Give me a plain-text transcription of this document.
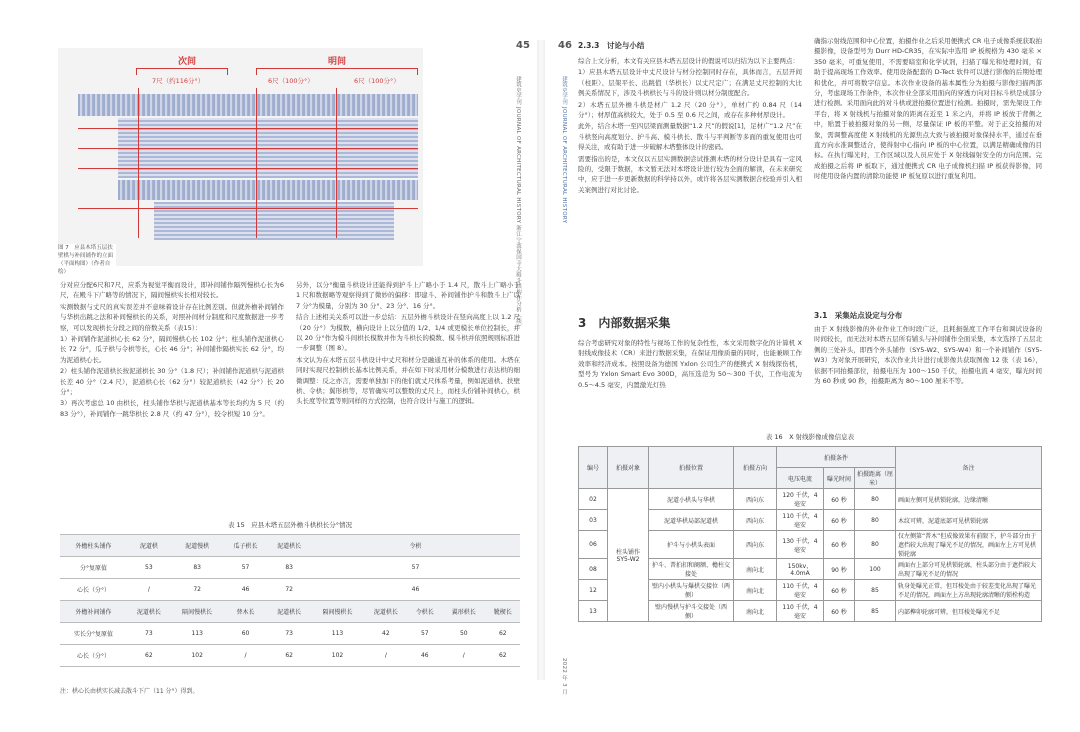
45
建筑史学刊 JOURNAL OF ARCHITECTURAL HISTORY 浙江宁波保国寺大殿斗栱构件分析（续）
次间	明间
7尺（约116分°）	6尺（100分°）	6尺（100分°）
图 7　应县木塔五层扶壁栱与补间铺作的立面（平面构图）（作者自绘）

分对应分配6尺和7尺，应系为视觉平衡而设计，即补间铺作隔列慢栱心长为6尺，在殿斗下广略等的情况下，隔间慢栱实长相对较长。

实测数据与丈尺的真实误差并不意味着设计存在比例差别。但就外檐补间铺作与华栱出跳之法和补间慢栱长的关系，对照补间材分制度和尺度数据进一步考察，可以发现栱长分段之间的倍数关系（表15）：

1）补间铺作泥道栱心长 62 分°，隔间慢栱心长 102 分°；柱头铺作泥道栱心长 72 分°，瓜子栱与令栱等长，心长 46 分°；补间铺作隔栱实长 62 分°，均为泥道栱心长。

2）柱头铺作泥道栱长按泥道栱长 30 分°（1.8 尺）；补间铺作泥道栱与泥道栱长差 40 分°（2.4 尺），泥道栱心长（62 分°）较泥道栱长（42 分°）长 20 分°；

3）再次考虑总 10 由栱长，柱头铺作华栱与泥道栱基本等长均约为 5 尺（约 83 分°），补间铺作一跳华栱长 2.8 尺（约 47 分°），较令栱短 10 分°。

另外，以分°衡量斗栱设计还能得到护斗上广略小于 1.4 尺，散斗上广略小于 1 尺和数据略等观察得到了微妙的偏移：即建斗、补间铺作护斗和散斗上广以 7 分°为模量，分别为 30 分°、23 分°、16 分°。

结合上述相关关系可以进一步总结：五层外檐斗栱设计在竖向高度上以 1.2 尺（20 分°）为模数，横向设计上以分值的 1/2、1/4 或更模长单位控制长，并以 20 分°作为模斗间栱长模数并作为斗栱长的模数、模斗栱并依照规则标准进一步调整（图 8）。

本文认为在木塔五层斗栱设计中丈尺和材分是融通互补的体系的使用。木塔在同时实现尺控制栱长基本比例关系，并在如下时采用材分模数进行表达栱的细微调整：反之亦言，需要单独加下的他们就丈尺体系考量，例如泥道栱、扶壁栱、令栱；翼形栱等，尽管确实可以整数的丈尺上，而柱头份铺补间栱心，栱头长度等位置等则同样的方式控制，也符合设计与施工的逻辑。

表 15　应县木塔五层外檐斗栱栱长分°情况
外檐柱头铺作	泥道栱	泥道慢栱	瓜子栱长	泥道栱长	令栱				
分°复原值	53	83	57	83	57				
心长（分°）	/	72	46	72	46				
外檐补间铺作	泥道栱长	隔间慢栱长	替木长	泥道栱长	隔间慢栱长	泥道栱长	令栱长	翼形栱长	靴楔长
实长分°复原值	73	113	60	73	113	42	57	50	62
心长（分°）	62	102	/	62	102	/	46	/	62
注：栱心长由栱实长减去散斗下广（11 分°）得到。
46
建筑史学刊 JOURNAL OF ARCHITECTURAL HISTORY
2022 年 3 月
2.3.3　讨论与小结

综合上文分析，本文有关应县木塔五层设计的假说可以归结为以下主要两点：

1）应县木塔五层设计中丈尺设计与材分控制同时存在，具体而言，五层开间（柱距）、层架平长、出跳值（华栱长）以丈尺定广；在满足丈尺控制的大比例关系情况下，涉及斗栱栱长与斗的设计则以材分制度配合。

2）木塔五层外檐斗栱是材广 1.2 尺（20 分°），单材广约 0.84 尺（14 分°）；材厚值高栱较大，处于 0.5 至 0.6 尺之间，或存在多种材厚设计。

此外，结合木塔一至四层梁面测量数据“1.2 尺”的假说[1]，足材广“1.2 尺”在斗栱竖向高度划分、护斗高、模斗栱长、散斗与平判断等多面的重复使用也可得关注，或有助于进一步破解木塔整体设计的密码。

需要指出的是，本文仅以五层实测数据尝试推测木塔的材分设计是具有一定风险的，受限于数据，本文暂无法对本塔设计进行较为全面的解读，在未来研究中，应于进一步更新数据的科学持以外，或许将各层实测数据合校验并引入相关案例进行对比讨论。

3　内部数据采集

综合考虑研究对象的特性与视场工作的复杂性性，本文采用数字化的计算机 X 射线成像技术（CR）来进行数据采集，在保证用像质量的同时，也能兼顾工作效率和经济成本。按照设备为德国 Yxlon 公司生产的便携式 X 射线探伤机，型号为 Yxlon Smart Evo 300D，高压选范为 50～300 千伏，工作电流为 0.5～4.5 毫安，内置激光灯热

确指示射线范围和中心位置，拍摄作业之后采用便携式 CR 电子成像系统获取拍摄影像，设备型号为 Durr HD-CR35，在实际中选用 IP 板规格为 430 毫米 × 350 毫米，可重复使用，不需要暗室和化学试剂，扫描了曝光和处理时间，有助于提高现场工作效率。使用设备配套的 D-Tect 软件可以进行影像的后期处理和优化，并可将数字信息。本次作业设备的基本属性分为拍摄与影像扫描两部分，考虑现场工作条件，本次作业全部采用面向的穿透方向对目标斗栱是成部分进行检测。采用面向此的对斗栱或进拍摄位置进行检测。拍摄时，需先架设工作平台，将 X 射线机与拍摄对象的距离在近至 1 米之内，并将 IP 板放于背侧之中，贴置于被拍摄对象的另一侧，尽量保证 IP 板的平整。对于正交拍摄的对象，需调整高度使 X 射线机的光源焦点大致与被拍摄对象保持水平，通过在垂直方向水准调整适合，使得射中心指向 IP 板的中心位置，以满足精确成像的目标。在执行曝光时，工作区域以及人员应处于 X 射线辐射安全的方向范围。完成拍摄之后将 IP 板取下，通过便携式 CR 电子成像机扫描 IP 板获得影像，同时使用设备内置的清除功能使 IP 板复原以进行重复利用。

3.1　采集站点设定与分布

由于 X 射线影像的外业作业工作时段广泛，且耗损强度工作平台和调试设备的时间较长，而无法对本塔五层所有铺头与补间铺作全面采集，本文选择了五层北侧的三处补头，即西个外头铺作（SY5-W2、SY5-W4）和一个补间铺作（SY5-W3）为对象开展研究，本次作业共计进行成影像共获取图像 12 张（表 16），依据不同拍摄部位，拍摄电压为 100～150 千伏，拍摄电流 4 毫安，曝光时间为 60 秒或 90 秒，拍摄距离为 80～100 厘米不等。

表 16　X 射线影像成像信息表
编号	拍摄对象	拍摄位置	拍摄方向	拍摄条件			备注
				电压电流	曝光时间	拍摄距离（厘米）	
02	柱头铺作 SY5-W2	泥道小栱头与华栱	西向东	120 千伏，4 毫安	60 秒	80	画面左侧可见栱锁轮廓，边缘清晰
03		泥道华栱局部泥道栱	西向东	110 千伏，4 毫安	60 秒	80	木纹可辨，泥道底部可见栱锁轮廓
06		护斗与小栱头表面	西向东	130 千伏，4 毫安	60 秒	80	仅左侧第“普木”但成像效果有前限下，护斗部分由于遮挡较大出现了曝光不足的情况，画面左上方可见栱锁轮廓
08		护斗、普拍扣和阑额、檐柱交接处	南向北	150kv，4.0mA	90 秒	100	画面右上部分可见栱锁轮廓，柱头部分由于遮挡较大出现了曝光不足的情况
12		壁内小栱头与爆栱交接位（两侧）	南向北	110 千伏，4 毫安	60 秒	85	轨身处曝光正常，但耳棱处由于较差变化出现了曝光不足的情况，画面左上方出现轮廓清晰的锁栓构造
13		壁内慢栱与护斗交接处（西侧）	南向北	110 千伏，4 毫安	60 秒	85	内部榫卯轮廓可辨，但耳棱处曝光不足
